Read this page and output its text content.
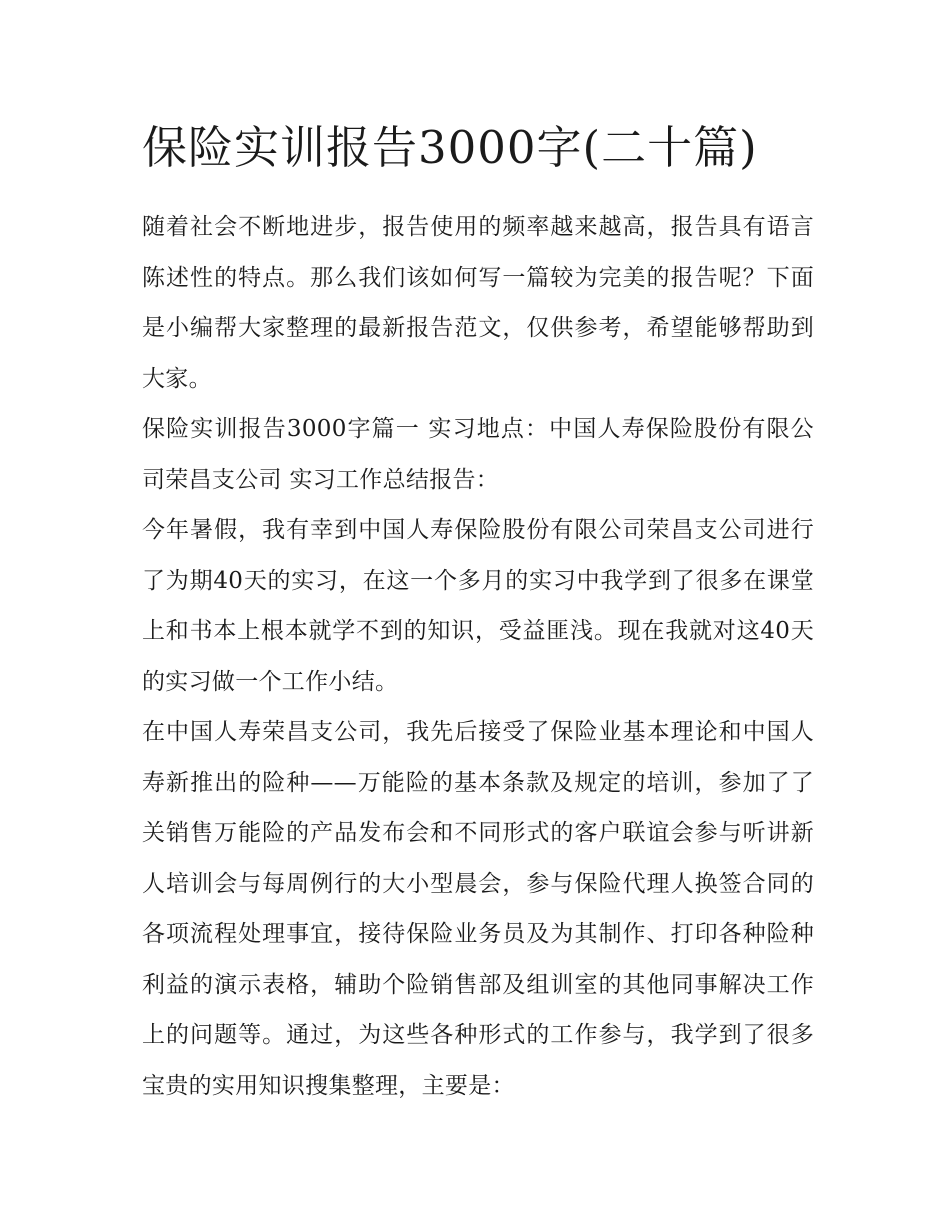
保险实训报告3000字(二十篇)

随着社会不断地进步，报告使用的频率越来越高，报告具有语言陈述性的特点。那么我们该如何写一篇较为完美的报告呢？下面是小编帮大家整理的最新报告范文，仅供参考，希望能够帮助到大家。

保险实训报告3000字篇一 实习地点：中国人寿保险股份有限公司荣昌支公司 实习工作总结报告：

今年暑假，我有幸到中国人寿保险股份有限公司荣昌支公司进行了为期40天的实习，在这一个多月的实习中我学到了很多在课堂上和书本上根本就学不到的知识，受益匪浅。现在我就对这40天的实习做一个工作小结。

在中国人寿荣昌支公司，我先后接受了保险业基本理论和中国人寿新推出的险种——万能险的基本条款及规定的培训，参加了了关销售万能险的产品发布会和不同形式的客户联谊会参与听讲新人培训会与每周例行的大小型晨会，参与保险代理人换签合同的各项流程处理事宜，接待保险业务员及为其制作、打印各种险种利益的演示表格，辅助个险销售部及组训室的其他同事解决工作上的问题等。通过，为这些各种形式的工作参与，我学到了很多宝贵的实用知识搜集整理，主要是：
